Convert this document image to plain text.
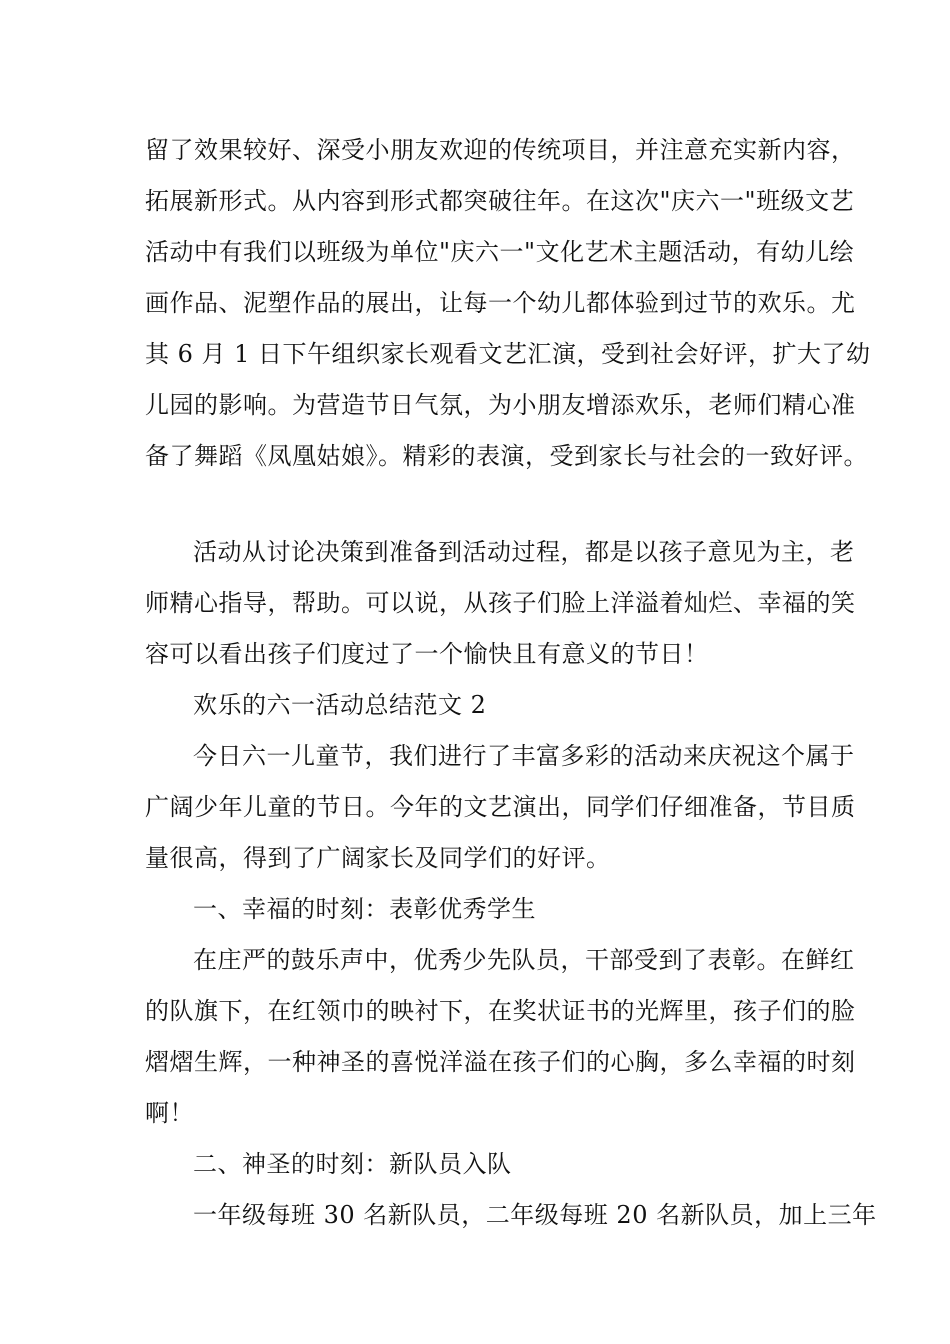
留了效果较好、深受小朋友欢迎的传统项目，并注意充实新内容，
拓展新形式。从内容到形式都突破往年。在这次"庆六一"班级文艺
活动中有我们以班级为单位"庆六一"文化艺术主题活动，有幼儿绘
画作品、泥塑作品的展出，让每一个幼儿都体验到过节的欢乐。尤
其 6 月 1 日下午组织家长观看文艺汇演，受到社会好评，扩大了幼
儿园的影响。为营造节日气氛，为小朋友增添欢乐，老师们精心准
备了舞蹈《凤凰姑娘》。精彩的表演，受到家长与社会的一致好评。
活动从讨论决策到准备到活动过程，都是以孩子意见为主，老
师精心指导，帮助。可以说，从孩子们脸上洋溢着灿烂、幸福的笑
容可以看出孩子们度过了一个愉快且有意义的节日！
欢乐的六一活动总结范文 2
今日六一儿童节，我们进行了丰富多彩的活动来庆祝这个属于
广阔少年儿童的节日。今年的文艺演出，同学们仔细准备，节目质
量很高，得到了广阔家长及同学们的好评。
一、幸福的时刻：表彰优秀学生
在庄严的鼓乐声中，优秀少先队员，干部受到了表彰。在鲜红
的队旗下，在红领巾的映衬下，在奖状证书的光辉里，孩子们的脸
熠熠生辉，一种神圣的喜悦洋溢在孩子们的心胸，多么幸福的时刻
啊！
二、神圣的时刻：新队员入队
一年级每班 30 名新队员，二年级每班 20 名新队员，加上三年
